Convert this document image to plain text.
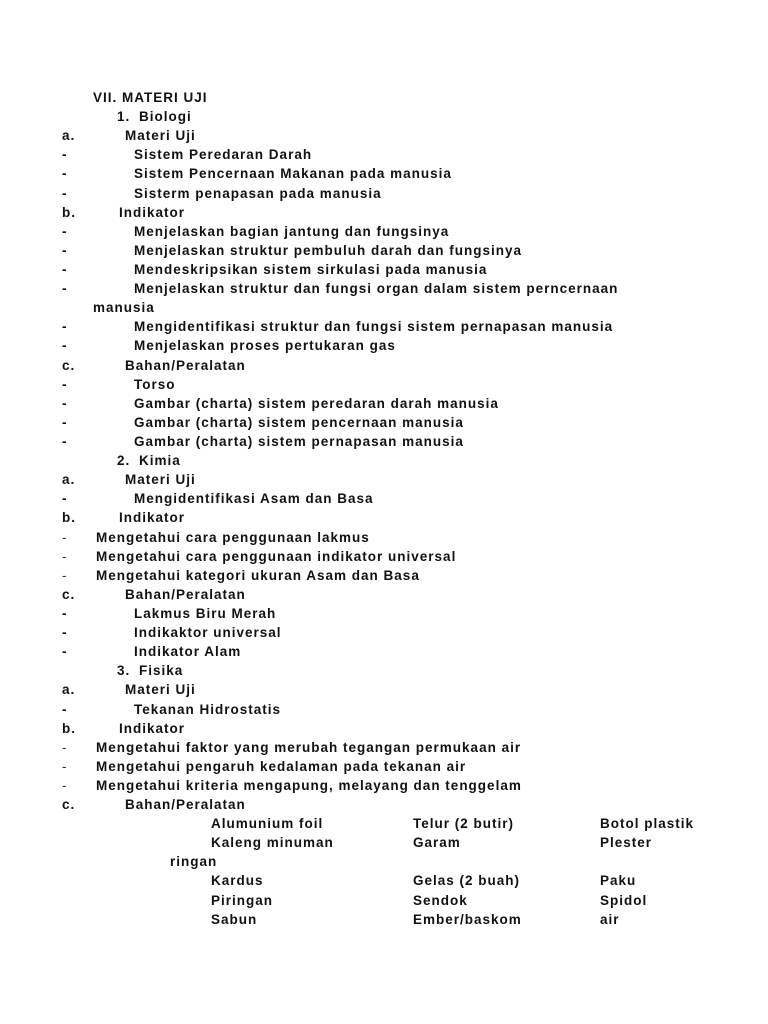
VII. MATERI UJI
1. Biologi
a.	Materi Uji
-	Sistem Peredaran Darah
-	Sistem Pencernaan Makanan pada manusia
-	Sisterm penapasan pada manusia
b.	Indikator
-	Menjelaskan bagian jantung dan fungsinya
-	Menjelaskan struktur pembuluh darah dan fungsinya
-	Mendeskripsikan sistem sirkulasi pada manusia
-	Menjelaskan struktur dan fungsi organ dalam sistem perncernaan
manusia
-	Mengidentifikasi struktur dan fungsi sistem pernapasan manusia
-	Menjelaskan proses pertukaran gas
c.	Bahan/Peralatan
-	Torso
-	Gambar (charta) sistem peredaran darah manusia
-	Gambar (charta) sistem pencernaan manusia
-	Gambar (charta) sistem pernapasan manusia
2. Kimia
a.	Materi Uji
-	Mengidentifikasi Asam dan Basa
b.	Indikator
- Mengetahui cara penggunaan lakmus
- Mengetahui cara penggunaan indikator universal
- Mengetahui kategori ukuran Asam dan Basa
c.	Bahan/Peralatan
-	Lakmus Biru Merah
-	Indikaktor universal
-	Indikator Alam
3. Fisika
a.	Materi Uji
-	Tekanan Hidrostatis
b.	Indikator
- Mengetahui faktor yang merubah tegangan permukaan air
- Mengetahui pengaruh kedalaman pada tekanan air
- Mengetahui kriteria mengapung, melayang dan tenggelam
c.	Bahan/Peralatan
Alumunium foil	Telur (2 butir)	Botol plastik
Kaleng minuman	Garam	Plester
ringan
Kardus	Gelas (2 buah)	Paku
Piringan	Sendok	Spidol
Sabun	Ember/baskom	air
